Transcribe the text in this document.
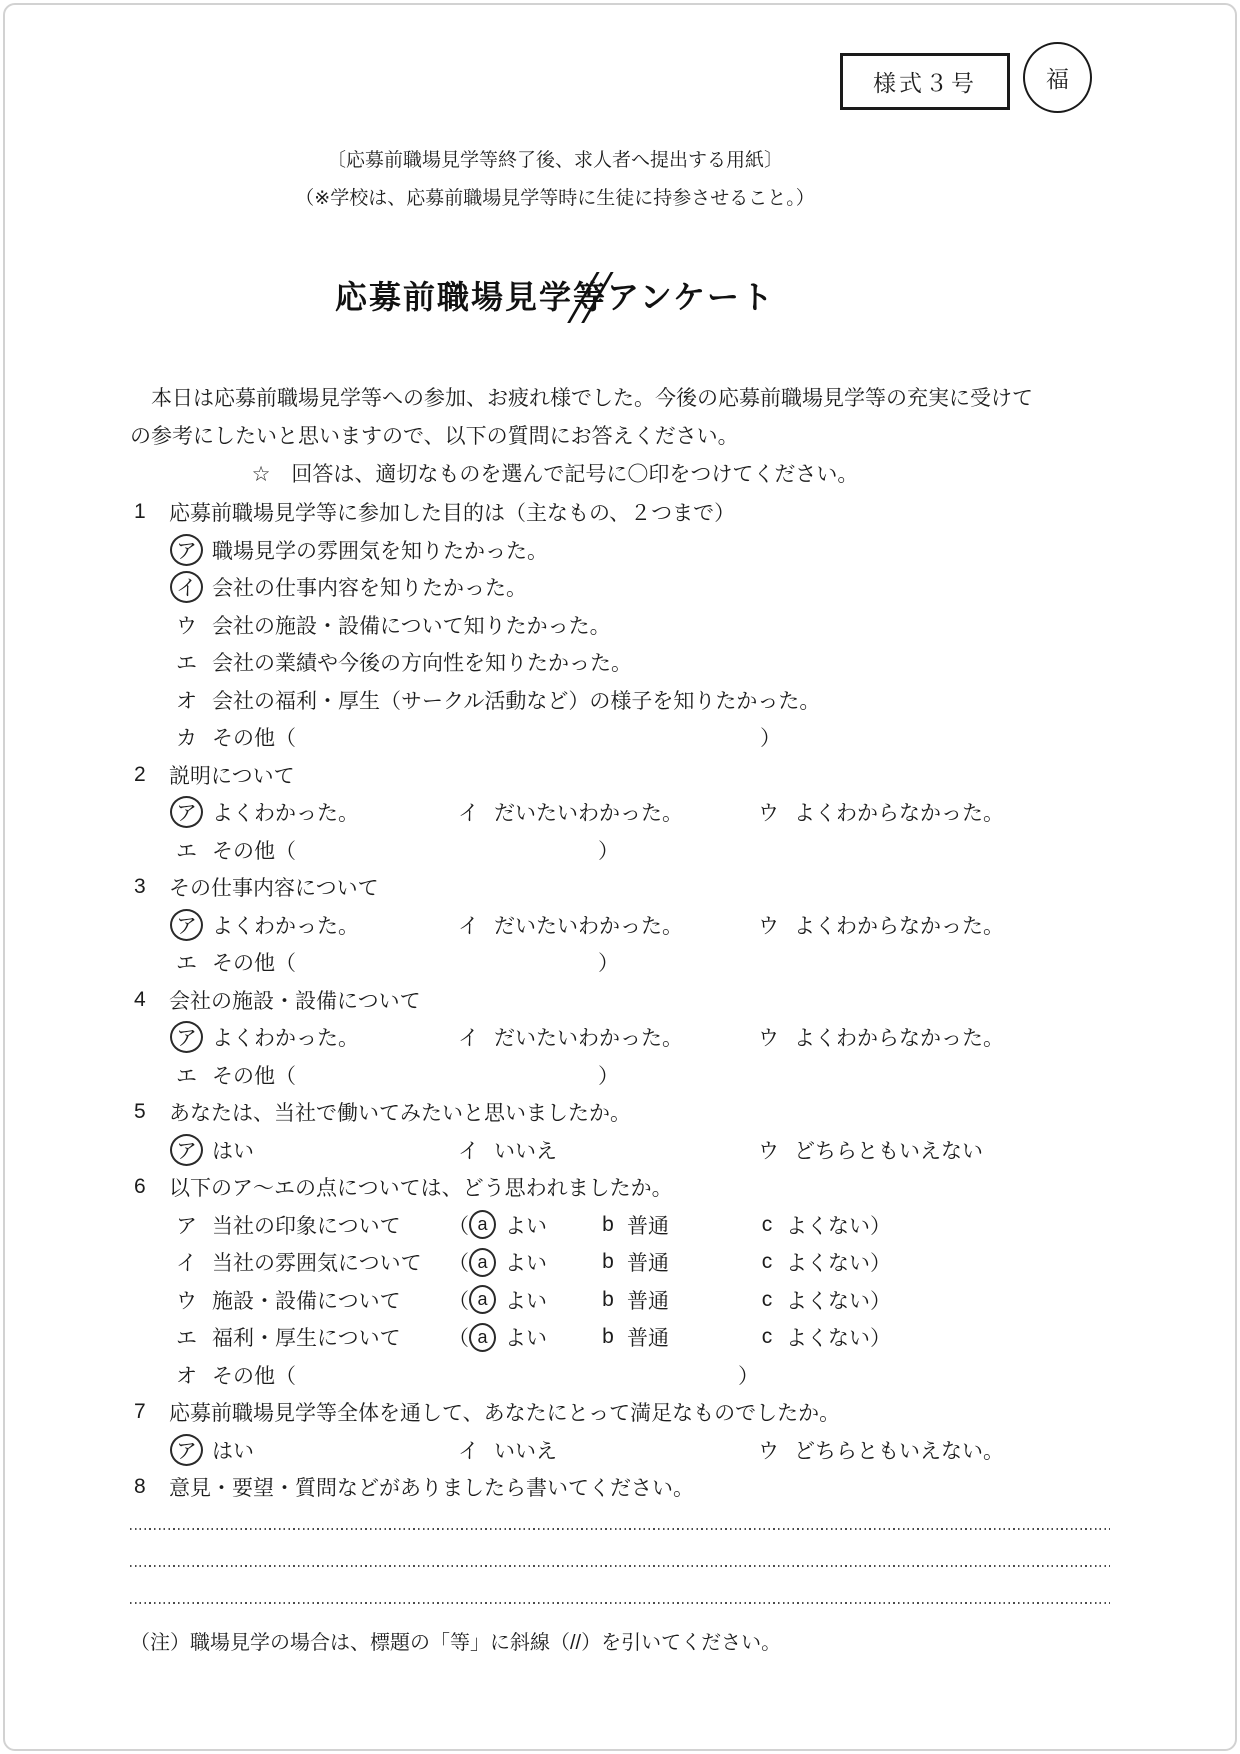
様式３号	福

〔応募前職場見学等終了後、求人者へ提出する用紙〕

（※学校は、応募前職場見学等時に生徒に持参させること。）

応募前職場見学等アンケート

　本日は応募前職場見学等への参加、お疲れ様でした。今後の応募前職場見学等の充実に受けて
の参考にしたいと思いますので、以下の質問にお答えください。

☆　回答は、適切なものを選んで記号に〇印をつけてください。
1	応募前職場見学等に参加した目的は（主なもの、２つまで）
ア 職場見学の雰囲気を知りたかった。
イ 会社の仕事内容を知りたかった。
ウ 会社の施設・設備について知りたかった。
エ 会社の業績や今後の方向性を知りたかった。
オ 会社の福利・厚生（サークル活動など）の様子を知りたかった。
カ その他（	）
2	説明について
ア よくわかった。	イ だいたいわかった。	ウ よくわからなかった。
エ その他（	）
3	その仕事内容について
ア よくわかった。	イ だいたいわかった。	ウ よくわからなかった。
エ その他（	）
4	会社の施設・設備について
ア よくわかった。	イ だいたいわかった。	ウ よくわからなかった。
エ その他（	）
5	あなたは、当社で働いてみたいと思いましたか。
ア はい	イ いいえ	ウ どちらともいえない
6	以下のア～エの点については、どう思われましたか。
ア 当社の印象について （ a よい	b 普通	c よくない）
イ 当社の雰囲気について （ a よい	b 普通	c よくない）
ウ 施設・設備について （ a よい	b 普通	c よくない）
エ 福利・厚生について （ a よい	b 普通	c よくない）
オ その他（	）
7	応募前職場見学等全体を通して、あなたにとって満足なものでしたか。
ア はい	イ いいえ	ウ どちらともいえない。
8	意見・要望・質問などがありましたら書いてください。
（注）職場見学の場合は、標題の「等」に斜線（//）を引いてください。
